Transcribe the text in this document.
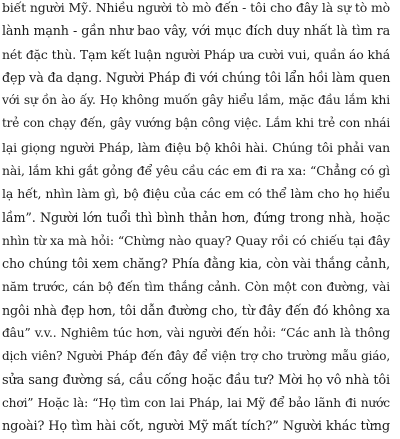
biết người Mỹ. Nhiều người tò mò đến - tôi cho đây là sự tò mò
lành mạnh - gần như bao vây, với mục đích duy nhất là tìm ra
nét đặc thù. Tạm kết luận người Pháp ưa cười vui, quần áo khá
đẹp và đa dạng. Người Pháp đi với chúng tôi lẩn hồi làm quen
với sự ồn ào ấy. Họ không muốn gây hiểu lầm, mặc đầu lắm khi
trẻ con chạy đến, gây vướng bận công việc. Lắm khi trẻ con nhái
lại giọng người Pháp, làm điệu bộ khôi hài. Chúng tôi phải van
nài, lắm khi gắt gỏng để yêu cầu các em đi ra xa: “Chẳng có gì
lạ hết, nhìn làm gì, bộ điệu của các em có thể làm cho họ hiểu
lầm”. Người lớn tuổi thì bình thản hơn, đứng trong nhà, hoặc
nhìn từ xa mà hỏi: “Chừng nào quay? Quay rồi có chiếu tại đây
cho chúng tôi xem chăng? Phía đằng kia, còn vài thắng cảnh,
năm trước, cán bộ đến tìm thắng cảnh. Còn một con đường, vài
ngôi nhà đẹp hơn, tôi dẫn đường cho, từ đây đến đó không xa
đâu” v.v.. Nghiêm túc hơn, vài người đến hỏi: “Các anh là thông
dịch viên? Người Pháp đến đây để viện trợ cho trường mẫu giáo,
sửa sang đường sá, cầu cống hoặc đầu tư? Mời họ vô nhà tôi
chơi” Hoặc là: “Họ tìm con lai Pháp, lai Mỹ để bảo lãnh đi nước
ngoài? Họ tìm hài cốt, người Mỹ mất tích?” Người khác từng
